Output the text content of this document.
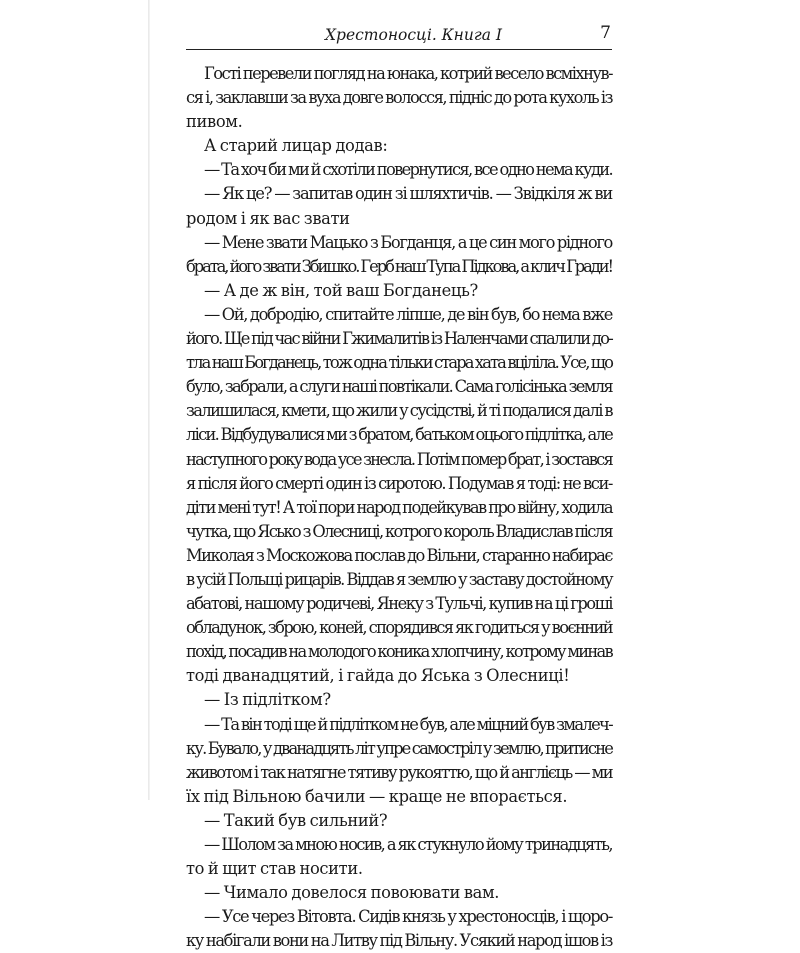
Хрестоносці. Книга I	7
Гості перевели погляд на юнака, котрий весело всміхнув-
ся і, заклавши за вуха довге волосся, підніс до рота кухоль із
пивом.
А старий лицар додав:
— Та хоч би ми й схотіли повернутися, все одно нема куди.
— Як це? — запитав один зі шляхтичів. — Звідкіля ж ви
родом і як вас звати
— Мене звати Мацько з Богданця, а це син мого рідного
брата, його звати Збишко. Герб наш Тупа Підкова, а клич Гради!
— А де ж він, той ваш Богданець?
— Ой, добродію, спитайте ліпше, де він був, бо нема вже
його. Ще під час війни Гжималитів із Наленчами спалили до-
тла наш Богданець, тож одна тільки стара хата вціліла. Усе, що
було, забрали, а слуги наші повтікали. Сама голісінька земля
залишилася, кмети, що жили у сусідстві, й ті подалися далі в
ліси. Відбудувалися ми з братом, батьком оцього підлітка, але
наступного року вода усе знесла. Потім помер брат, і зостався
я після його смерті один із сиротою. Подумав я тоді: не вси-
діти мені тут! А тої пори народ подейкував про війну, ходила
чутка, що Ясько з Олесниці, котрого король Владислав після
Миколая з Москожова послав до Вільни, старанно набирає
в усій Польщі рицарів. Віддав я землю у заставу достойному
абатові, нашому родичеві, Янеку з Тульчі, купив на ці гроші
обладунок, зброю, коней, спорядився як годиться у воєнний
похід, посадив на молодого коника хлопчину, котрому минав
тоді дванадцятий, і гайда до Яська з Олесниці!
— Із підлітком?
— Та він тоді ще й підлітком не був, але міцний був змалеч-
ку. Бувало, у дванадцять літ упре самостріл у землю, притисне
животом і так натягне тятиву рукояттю, що й англієць — ми
їх під Вільною бачили — краще не впорається.
— Такий був сильний?
— Шолом за мною носив, а як стукнуло йому тринадцять,
то й щит став носити.
— Чимало довелося повоювати вам.
— Усе через Вітовта. Сидів князь у хрестоносців, і щоро-
ку набігали вони на Литву під Вільну. Усякий народ ішов із
